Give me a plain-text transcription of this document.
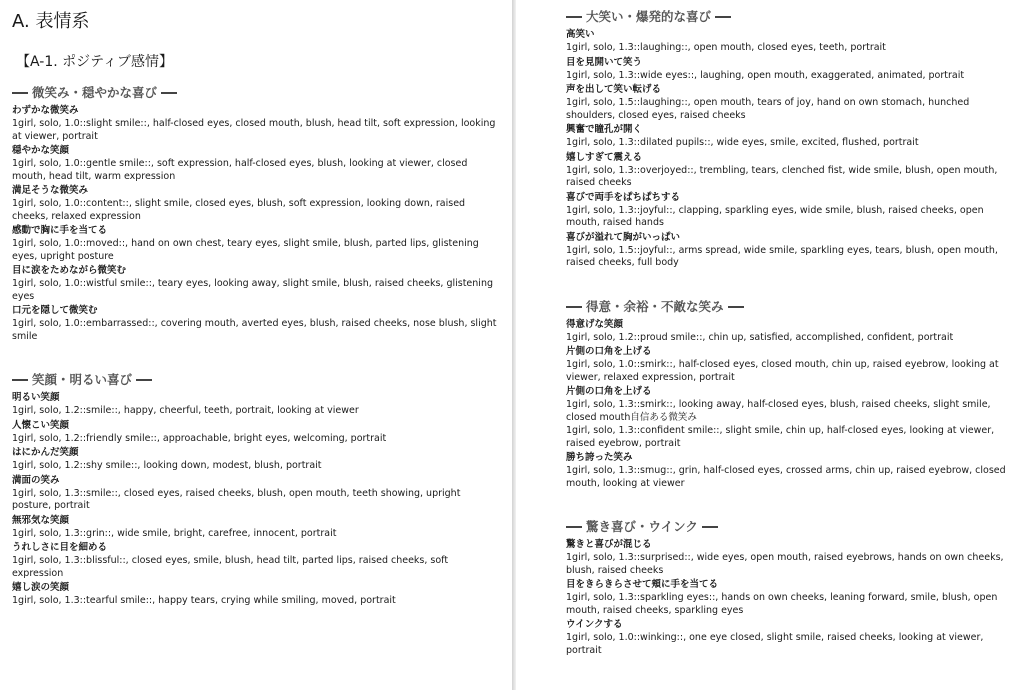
A. 表情系
【A-1. ポジティブ感情】
微笑み・穏やかな喜び
わずかな微笑み
1girl, solo, 1.0::slight smile::, half-closed eyes, closed mouth, blush, head tilt, soft expression, looking at viewer, portrait
穏やかな笑顔
1girl, solo, 1.0::gentle smile::, soft expression, half-closed eyes, blush, looking at viewer, closed mouth, head tilt, warm expression
満足そうな微笑み
1girl, solo, 1.0::content::, slight smile, closed eyes, blush, soft expression, looking down, raised cheeks, relaxed expression
感動で胸に手を当てる
1girl, solo, 1.0::moved::, hand on own chest, teary eyes, slight smile, blush, parted lips, glistening eyes, upright posture
目に涙をためながら微笑む
1girl, solo, 1.0::wistful smile::, teary eyes, looking away, slight smile, blush, raised cheeks, glistening eyes
口元を隠して微笑む
1girl, solo, 1.0::embarrassed::, covering mouth, averted eyes, blush, raised cheeks, nose blush, slight smile
笑顔・明るい喜び
明るい笑顔
1girl, solo, 1.2::smile::, happy, cheerful, teeth, portrait, looking at viewer
人懐こい笑顔
1girl, solo, 1.2::friendly smile::, approachable, bright eyes, welcoming, portrait
はにかんだ笑顔
1girl, solo, 1.2::shy smile::, looking down, modest, blush, portrait
満面の笑み
1girl, solo, 1.3::smile::, closed eyes, raised cheeks, blush, open mouth, teeth showing, upright posture, portrait
無邪気な笑顔
1girl, solo, 1.3::grin::, wide smile, bright, carefree, innocent, portrait
うれしさに目を細める
1girl, solo, 1.3::blissful::, closed eyes, smile, blush, head tilt, parted lips, raised cheeks, soft expression
嬉し涙の笑顔
1girl, solo, 1.3::tearful smile::, happy tears, crying while smiling, moved, portrait
大笑い・爆発的な喜び
高笑い
1girl, solo, 1.3::laughing::, open mouth, closed eyes, teeth, portrait
目を見開いて笑う
1girl, solo, 1.3::wide eyes::, laughing, open mouth, exaggerated, animated, portrait
声を出して笑い転げる
1girl, solo, 1.5::laughing::, open mouth, tears of joy, hand on own stomach, hunched shoulders, closed eyes, raised cheeks
興奮で瞳孔が開く
1girl, solo, 1.3::dilated pupils::, wide eyes, smile, excited, flushed, portrait
嬉しすぎて震える
1girl, solo, 1.3::overjoyed::, trembling, tears, clenched fist, wide smile, blush, open mouth, raised cheeks
喜びで両手をぱちぱちする
1girl, solo, 1.3::joyful::, clapping, sparkling eyes, wide smile, blush, raised cheeks, open mouth, raised hands
喜びが溢れて胸がいっぱい
1girl, solo, 1.5::joyful::, arms spread, wide smile, sparkling eyes, tears, blush, open mouth, raised cheeks, full body
得意・余裕・不敵な笑み
得意げな笑顔
1girl, solo, 1.2::proud smile::, chin up, satisfied, accomplished, confident, portrait
片側の口角を上げる
1girl, solo, 1.0::smirk::, half-closed eyes, closed mouth, chin up, raised eyebrow, looking at viewer, relaxed expression, portrait
片側の口角を上げる
1girl, solo, 1.3::smirk::, looking away, half-closed eyes, blush, raised cheeks, slight smile, closed mouth自信ある微笑み
1girl, solo, 1.3::confident smile::, slight smile, chin up, half-closed eyes, looking at viewer, raised eyebrow, portrait
勝ち誇った笑み
1girl, solo, 1.3::smug::, grin, half-closed eyes, crossed arms, chin up, raised eyebrow, closed mouth, looking at viewer
驚き喜び・ウインク
驚きと喜びが混じる
1girl, solo, 1.3::surprised::, wide eyes, open mouth, raised eyebrows, hands on own cheeks, blush, raised cheeks
目をきらきらさせて頬に手を当てる
1girl, solo, 1.3::sparkling eyes::, hands on own cheeks, leaning forward, smile, blush, open mouth, raised cheeks, sparkling eyes
ウインクする
1girl, solo, 1.0::winking::, one eye closed, slight smile, raised cheeks, looking at viewer, portrait
